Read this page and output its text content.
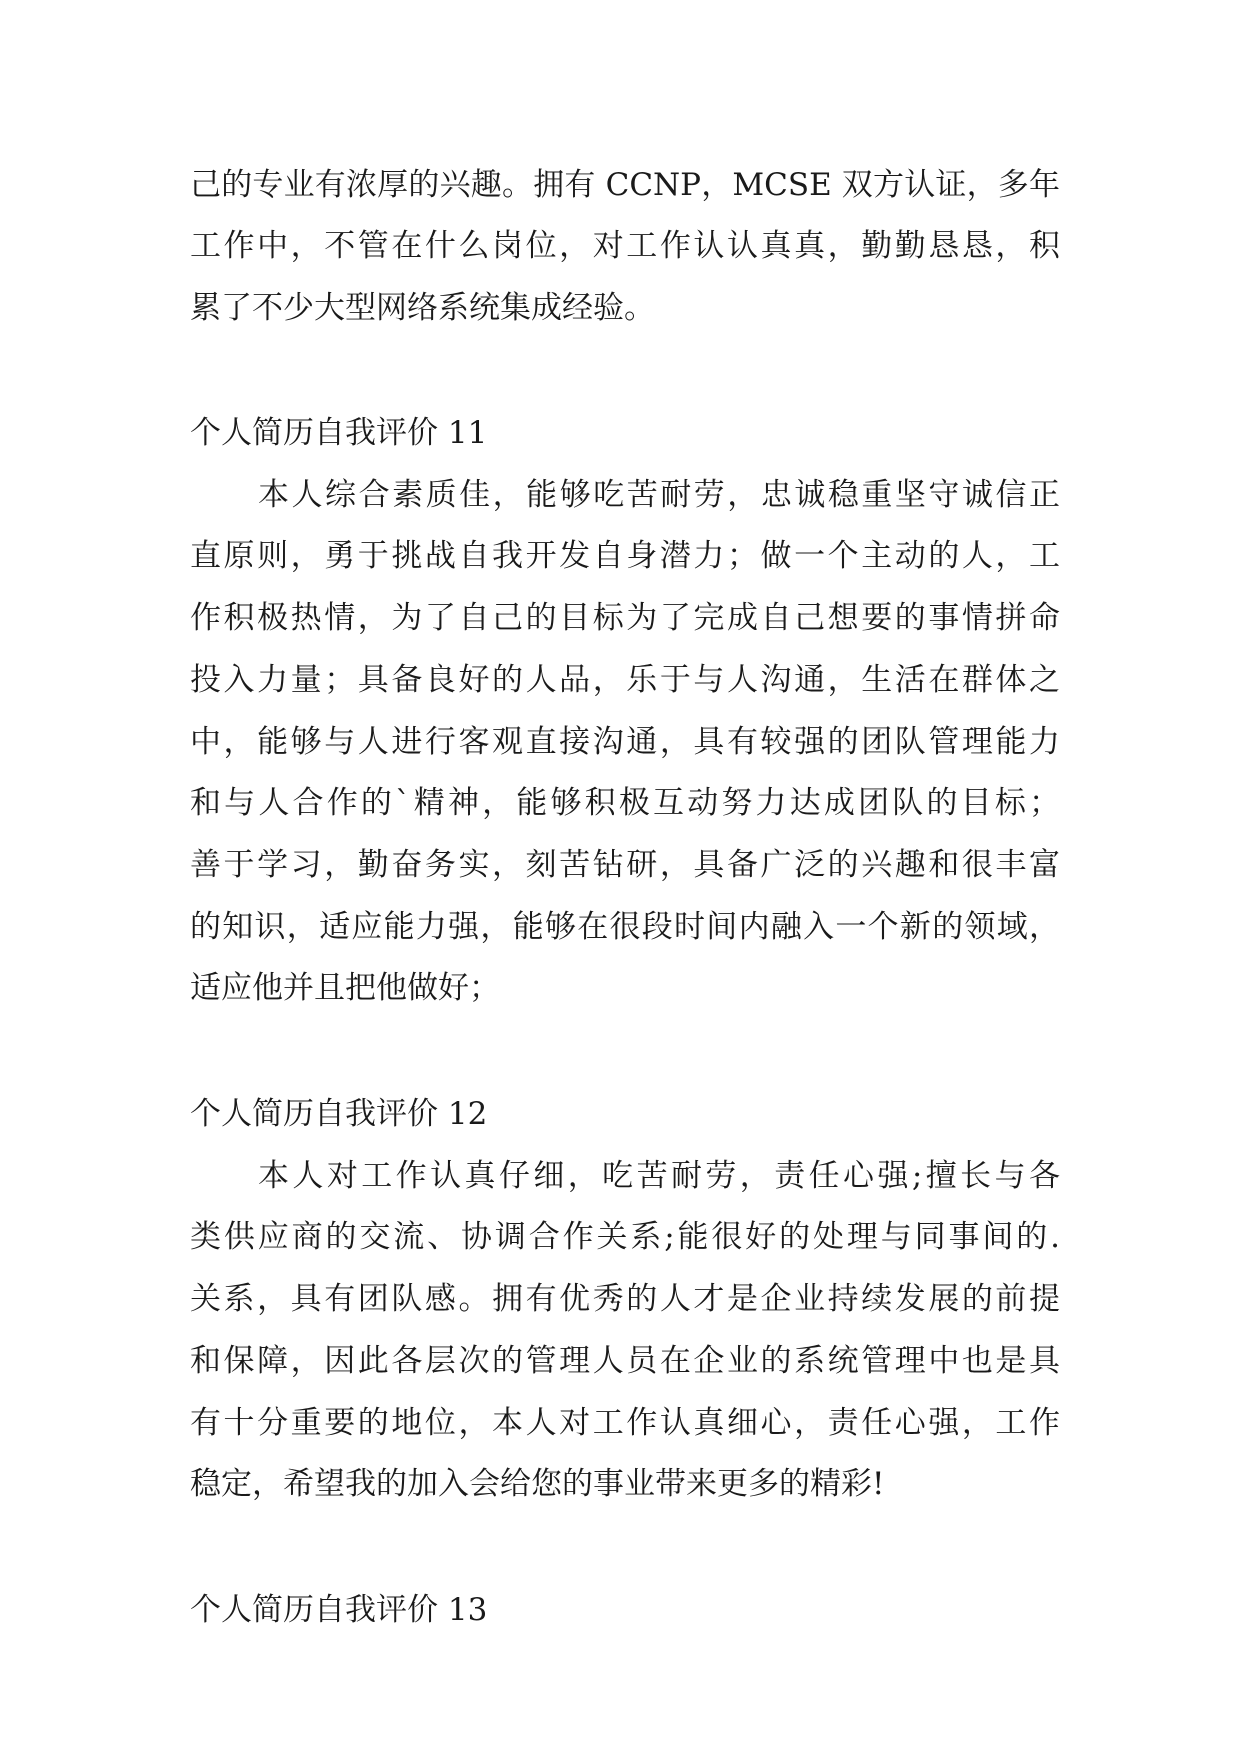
己的专业有浓厚的兴趣。拥有 CCNP，MCSE 双方认证，多年
工作中，不管在什么岗位，对工作认认真真，勤勤恳恳，积
累了不少大型网络系统集成经验。
个人简历自我评价 11
本人综合素质佳，能够吃苦耐劳，忠诚稳重坚守诚信正
直原则，勇于挑战自我开发自身潜力；做一个主动的人，工
作积极热情，为了自己的目标为了完成自己想要的事情拼命
投入力量；具备良好的人品，乐于与人沟通，生活在群体之
中，能够与人进行客观直接沟通，具有较强的团队管理能力
和与人合作的`精神，能够积极互动努力达成团队的目标；
善于学习，勤奋务实，刻苦钻研，具备广泛的兴趣和很丰富
的知识，适应能力强，能够在很段时间内融入一个新的领域，
适应他并且把他做好；
个人简历自我评价 12
本人对工作认真仔细，吃苦耐劳，责任心强;擅长与各
类供应商的交流、协调合作关系;能很好的处理与同事间的.
关系，具有团队感。拥有优秀的人才是企业持续发展的前提
和保障，因此各层次的管理人员在企业的系统管理中也是具
有十分重要的地位，本人对工作认真细心，责任心强，工作
稳定，希望我的加入会给您的事业带来更多的精彩!
个人简历自我评价 13
